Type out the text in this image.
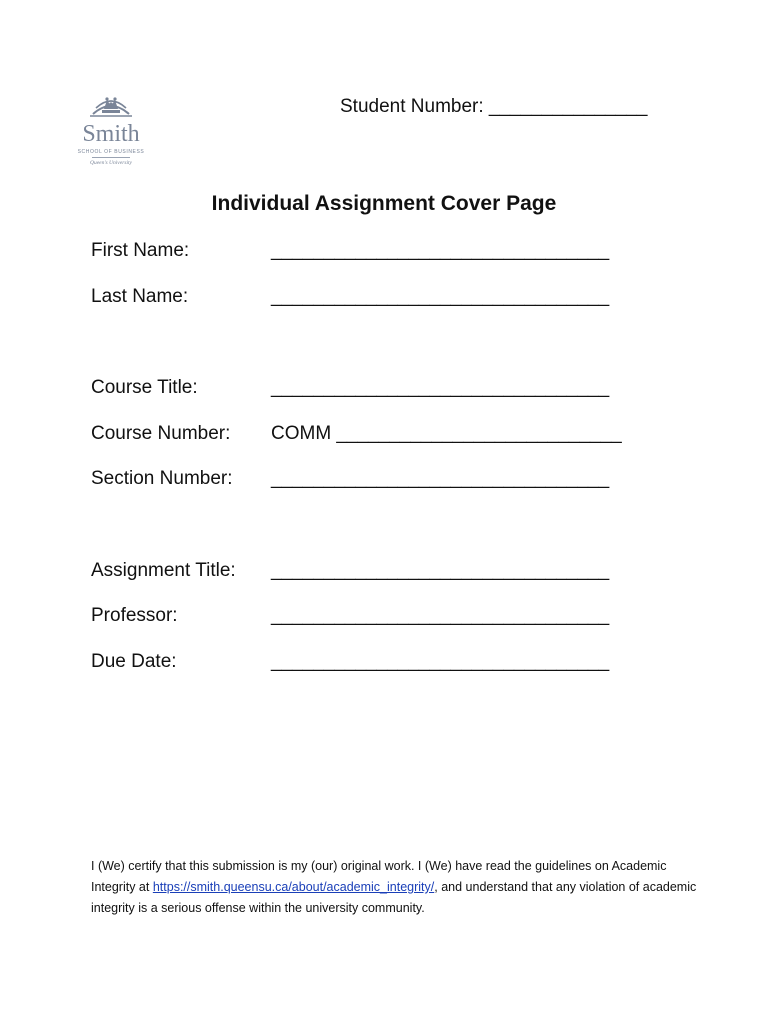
Smith
SCHOOL OF BUSINESS
Queen's University
Student Number: _______________
Individual Assignment Cover Page
First Name:	________________________________
Last Name:	________________________________
Course Title:	________________________________
Course Number: COMM ___________________________
Section Number: ________________________________
Assignment Title: ________________________________
Professor:	________________________________
Due Date:	________________________________
I (We) certify that this submission is my (our) original work. I (We) have read the guidelines on Academic Integrity at https://smith.queensu.ca/about/academic_integrity/, and understand that any violation of academic integrity is a serious offense within the university community.
